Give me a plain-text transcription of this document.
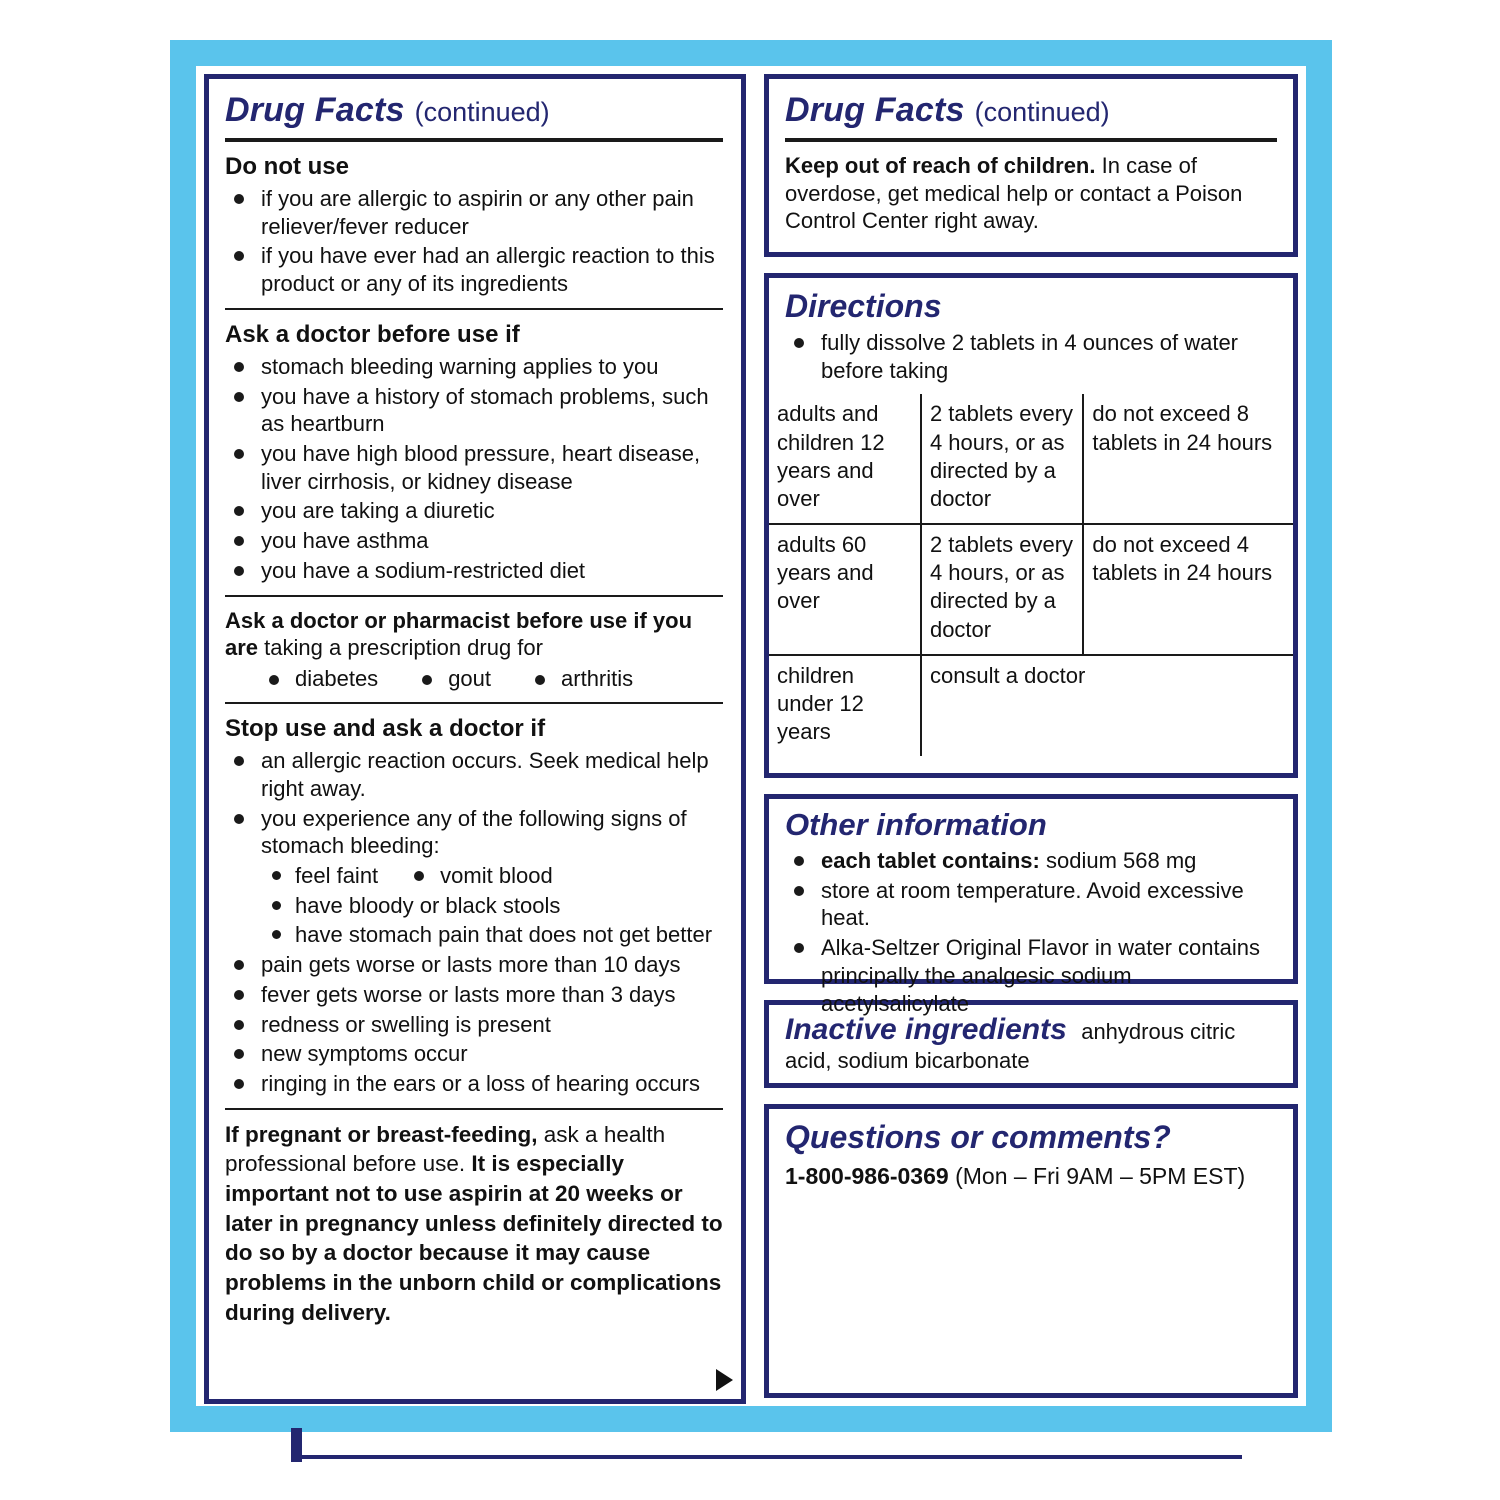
Drug Facts (continued)
Do not use
if you are allergic to aspirin or any other pain reliever/fever reducer
if you have ever had an allergic reaction to this product or any of its ingredients
Ask a doctor before use if
stomach bleeding warning applies to you
you have a history of stomach problems, such as heartburn
you have high blood pressure, heart disease, liver cirrhosis, or kidney disease
you are taking a diuretic
you have asthma
you have a sodium-restricted diet
Ask a doctor or pharmacist before use if you are taking a prescription drug for
diabetes	gout	arthritis
Stop use and ask a doctor if
an allergic reaction occurs. Seek medical help right away.
you experience any of the following signs of stomach bleeding:
feel faint	vomit blood
have bloody or black stools
have stomach pain that does not get better
pain gets worse or lasts more than 10 days
fever gets worse or lasts more than 3 days
redness or swelling is present
new symptoms occur
ringing in the ears or a loss of hearing occurs
If pregnant or breast-feeding, ask a health professional before use. It is especially important not to use aspirin at 20 weeks or later in pregnancy unless definitely directed to do so by a doctor because it may cause problems in the unborn child or complications during delivery.
Drug Facts (continued)
Keep out of reach of children. In case of overdose, get medical help or contact a Poison Control Center right away.
Directions
fully dissolve 2 tablets in 4 ounces of water before taking
adults and children 12 years and over	2 tablets every 4 hours, or as directed by a doctor	do not exceed 8 tablets in 24 hours
adults 60 years and over	2 tablets every 4 hours, or as directed by a doctor	do not exceed 4 tablets in 24 hours
children under 12 years	consult a doctor	
Other information
each tablet contains: sodium 568 mg
store at room temperature. Avoid excessive heat.
Alka-Seltzer Original Flavor in water contains principally the analgesic sodium acetylsalicylate
Inactive ingredients anhydrous citric acid, sodium bicarbonate
Questions or comments?
1-800-986-0369 (Mon – Fri 9AM – 5PM EST)
